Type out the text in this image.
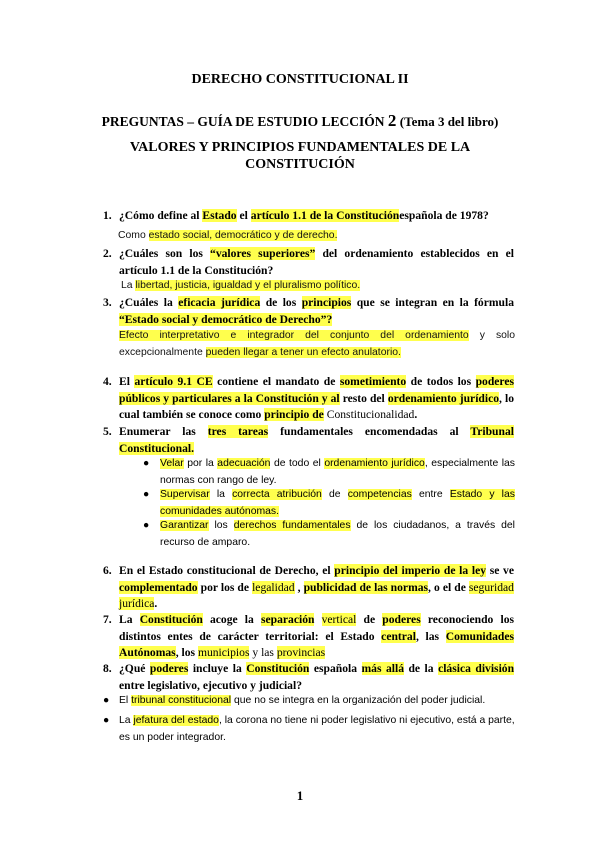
DERECHO CONSTITUCIONAL II
PREGUNTAS – GUÍA DE ESTUDIO LECCIÓN 2 (Tema 3 del libro)
VALORES Y PRINCIPIOS FUNDAMENTALES DE LA
CONSTITUCIÓN
1. ¿Cómo define al Estado el artículo 1.1 de la Constituciónespañola de 1978?
Como estado social, democrático y de derecho.
2. ¿Cuáles son los “valores superiores” del ordenamiento establecidos en el artículo 1.1 de la Constitución?
La libertad, justicia, igualdad y el pluralismo político.
3. ¿Cuáles la eficacia jurídica de los principios que se integran en la fórmula “Estado social y democrático de Derecho”?
Efecto interpretativo e integrador del conjunto del ordenamiento y solo excepcionalmente pueden llegar a tener un efecto anulatorio.
4. El artículo 9.1 CE contiene el mandato de sometimiento de todos los poderes públicos y particulares a la Constitución y al resto del ordenamiento jurídico, lo cual también se conoce como principio de Constitucionalidad.
5. Enumerar las tres tareas fundamentales encomendadas al Tribunal Constitucional.
● Velar por la adecuación de todo el ordenamiento jurídico, especialmente las normas con rango de ley.
● Supervisar la correcta atribución de competencias entre Estado y las comunidades autónomas.
● Garantizar los derechos fundamentales de los ciudadanos, a través del recurso de amparo.
6. En el Estado constitucional de Derecho, el principio del imperio de la ley se ve complementado por los de legalidad , publicidad de las normas, o el de seguridad jurídica.
7. La Constitución acoge la separación vertical de poderes reconociendo los distintos entes de carácter territorial: el Estado central, las Comunidades Autónomas, los municipios y las provincias
8. ¿Qué poderes incluye la Constitución española más allá de la clásica división entre legislativo, ejecutivo y judicial?
● El tribunal constitucional que no se integra en la organización del poder judicial.
● La jefatura del estado, la corona no tiene ni poder legislativo ni ejecutivo, está a parte, es un poder integrador.
1
